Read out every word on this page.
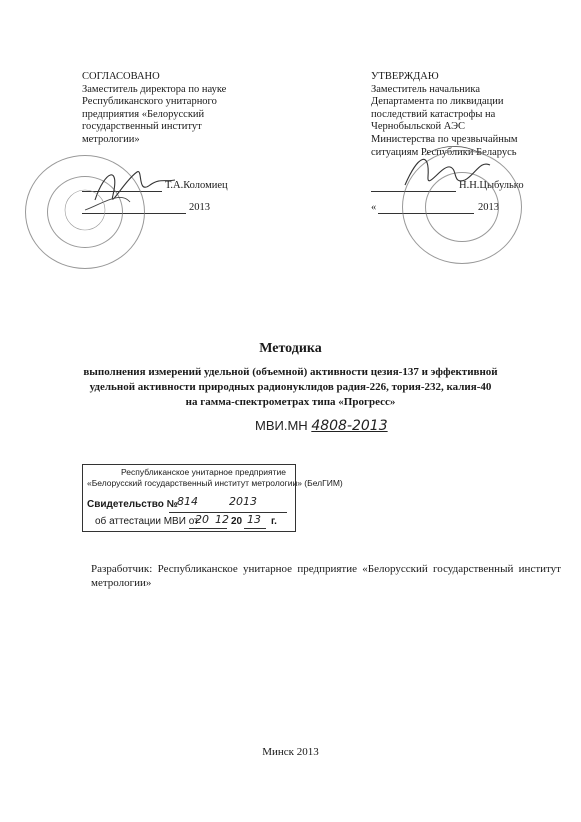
СОГЛАСОВАНО
Заместитель директора по науке
Республиканского унитарного
предприятия «Белорусский
государственный институт
метрологии»
Т.А.Коломиец
2013
УТВЕРЖДАЮ
Заместитель начальника
Департамента по ликвидации
последствий катастрофы на
Чернобыльской АЭС
Министерства по чрезвычайным
ситуациям Республики Беларусь
Н.Н.Цыбулько
«	2013
Методика
выполнения измерений удельной (объемной) активности цезия-137 и эффективной
удельной активности природных радионуклидов радия-226, тория-232, калия-40
на гамма-спектрометрах типа «Прогресс»
МВИ.МН 4808-2013
Республиканское унитарное предприятие
«Белорусский государственный институт метрологии» (БелГИМ)
Свидетельство № 814	2013
об аттестации МВИ от
20 12 20 13 г.
Разработчик: Республиканское унитарное предприятие «Белорусский государственный институт метрологии»
Минск 2013
